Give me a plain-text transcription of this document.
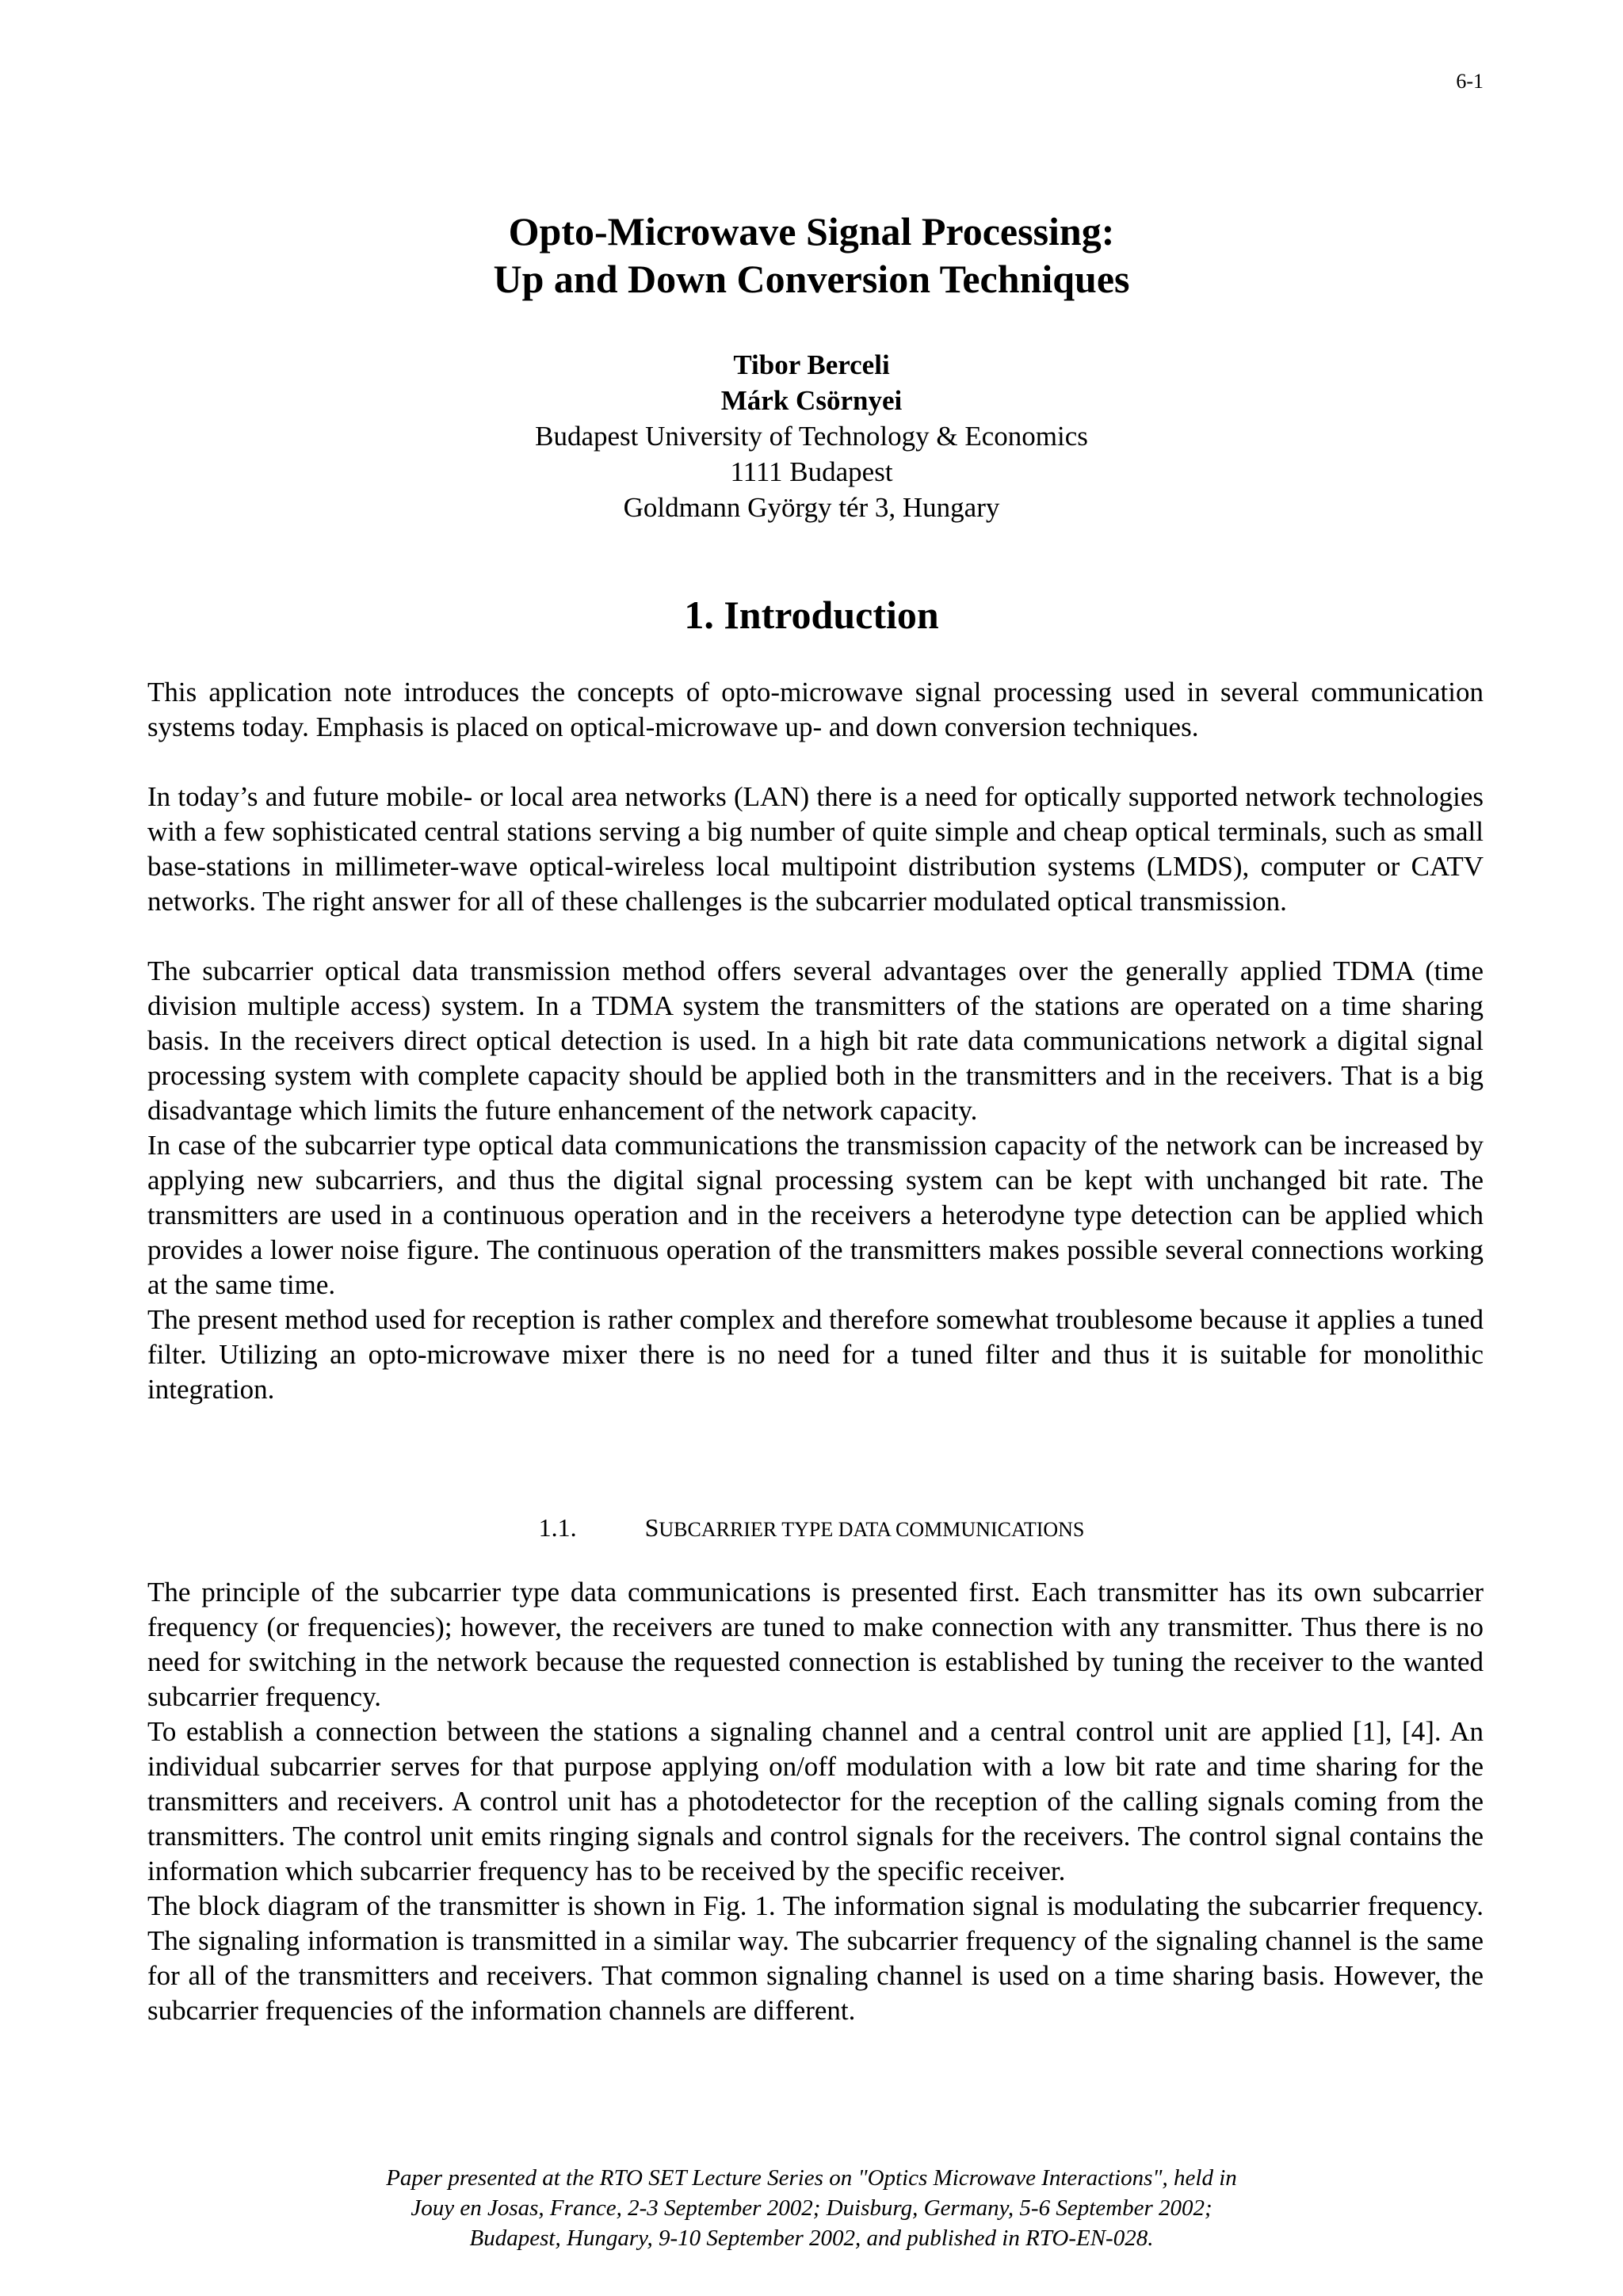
6-1
Opto-Microwave Signal Processing:
Up and Down Conversion Techniques
Tibor Berceli
Márk Csörnyei
Budapest University of Technology & Economics
1111 Budapest
Goldmann György tér 3, Hungary
1. Introduction

This application note introduces the concepts of opto-microwave signal processing used in several communication systems today. Emphasis is placed on optical-microwave up- and down conversion techniques.

In today’s and future mobile- or local area networks (LAN) there is a need for optically supported network technologies with a few sophisticated central stations serving a big number of quite simple and cheap optical terminals, such as small base-stations in millimeter-wave optical-wireless local multipoint distribution systems (LMDS), computer or CATV networks. The right answer for all of these challenges is the subcarrier modulated optical transmission.

The subcarrier optical data transmission method offers several advantages over the generally applied TDMA (time division multiple access) system. In a TDMA system the transmitters of the stations are operated on a time sharing basis. In the receivers direct optical detection is used. In a high bit rate data communications network a digital signal processing system with complete capacity should be applied both in the transmitters and in the receivers. That is a big disadvantage which limits the future enhancement of the network capacity.

In case of the subcarrier type optical data communications the transmission capacity of the network can be increased by applying new subcarriers, and thus the digital signal processing system can be kept with unchanged bit rate. The transmitters are used in a continuous operation and in the receivers a heterodyne type detection can be applied which provides a lower noise figure. The continuous operation of the transmitters makes possible several connections working at the same time.

The present method used for reception is rather complex and therefore somewhat troublesome because it applies a tuned filter. Utilizing an opto-microwave mixer there is no need for a tuned filter and thus it is suitable for monolithic integration.

1.1.	SUBCARRIER TYPE DATA COMMUNICATIONS

The principle of the subcarrier type data communications is presented first. Each transmitter has its own subcarrier frequency (or frequencies); however, the receivers are tuned to make connection with any transmitter. Thus there is no need for switching in the network because the requested connection is established by tuning the receiver to the wanted subcarrier frequency.

To establish a connection between the stations a signaling channel and a central control unit are applied [1], [4]. An individual subcarrier serves for that purpose applying on/off modulation with a low bit rate and time sharing for the transmitters and receivers. A control unit has a photodetector for the reception of the calling signals coming from the transmitters. The control unit emits ringing signals and control signals for the receivers. The control signal contains the information which subcarrier frequency has to be received by the specific receiver.

The block diagram of the transmitter is shown in Fig. 1. The information signal is modulating the subcarrier frequency. The signaling information is transmitted in a similar way. The subcarrier frequency of the signaling channel is the same for all of the transmitters and receivers. That common signaling channel is used on a time sharing basis. However, the subcarrier frequencies of the information channels are different.

Paper presented at the RTO SET Lecture Series on "Optics Microwave Interactions", held in
Jouy en Josas, France, 2-3 September 2002; Duisburg, Germany, 5-6 September 2002;
Budapest, Hungary, 9-10 September 2002, and published in RTO-EN-028.
